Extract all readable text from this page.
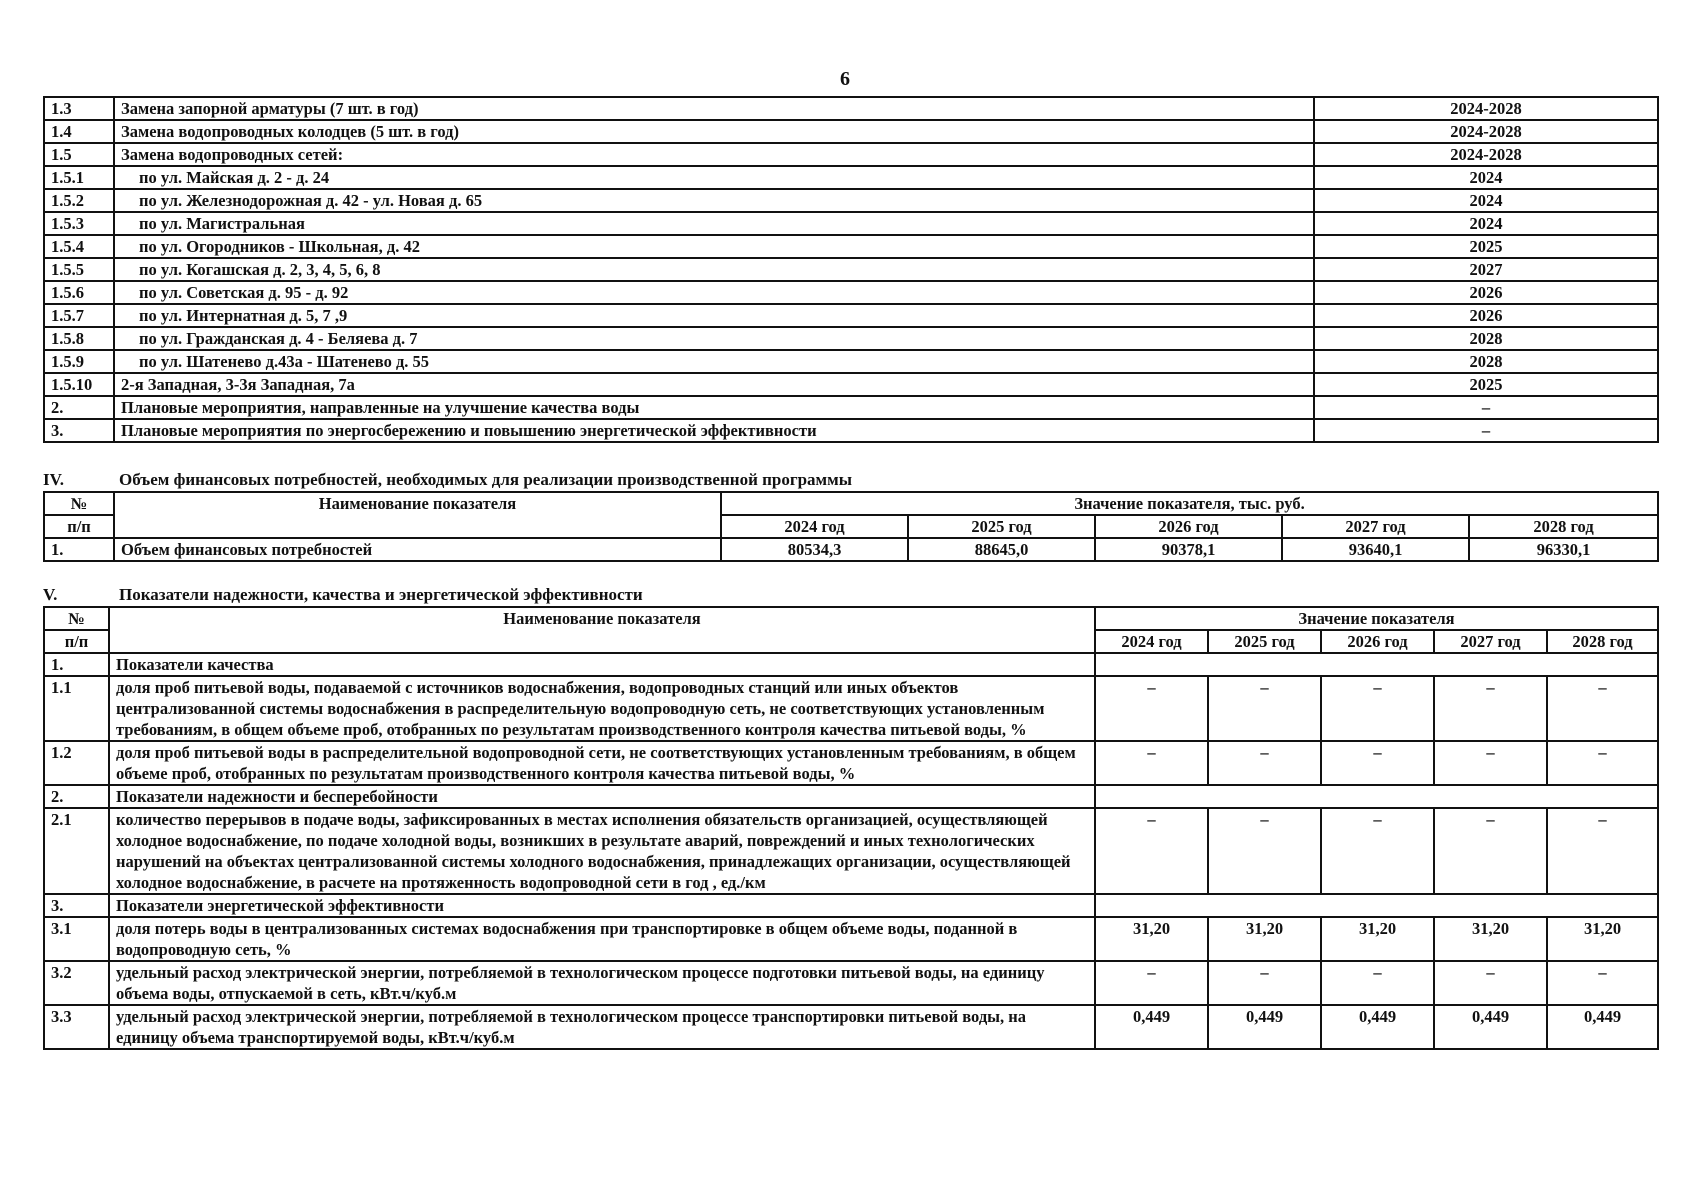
6
1.3	Замена запорной арматуры (7 шт. в год)	2024-2028
1.4	Замена водопроводных колодцев (5 шт. в год)	2024-2028
1.5	Замена водопроводных сетей:	2024-2028
1.5.1	по ул. Майская д. 2 - д. 24	2024
1.5.2	по ул. Железнодорожная д. 42 - ул. Новая д. 65	2024
1.5.3	по ул. Магистральная	2024
1.5.4	по ул. Огородников - Школьная, д. 42	2025
1.5.5	по ул. Когашская д. 2, 3, 4, 5, 6, 8	2027
1.5.6	по ул. Советская д. 95 - д. 92	2026
1.5.7	по ул. Интернатная д. 5, 7 ,9	2026
1.5.8	по ул. Гражданская д. 4 - Беляева д. 7	2028
1.5.9	по ул. Шатенево д.43а - Шатенево д. 55	2028
1.5.10	2-я Западная, 3-3я Западная, 7а	2025
2.	Плановые мероприятия, направленные на улучшение качества воды	–
3.	Плановые мероприятия по энергосбережению и повышению энергетической эффективности	–
IV.	Объем финансовых потребностей, необходимых для реализации производственной программы
№	Наименование показателя	Значение показателя, тыс. руб.				
п/п		2024 год	2025 год	2026 год	2027 год	2028 год
1.	Объем финансовых потребностей	80534,3	88645,0	90378,1	93640,1	96330,1
V.	Показатели надежности, качества и энергетической эффективности
№	Наименование показателя	Значение показателя				
п/п		2024 год	2025 год	2026 год	2027 год	2028 год
1.	Показатели качества					
1.1	доля проб питьевой воды, подаваемой с источников водоснабжения, водопроводных станций или иных объектов централизованной системы водоснабжения в распределительную водопроводную сеть, не соответствующих установленным требованиям, в общем объеме проб, отобранных по результатам производственного контроля качества питьевой воды, %	–	–	–	–	–
1.2	доля проб питьевой воды в распределительной водопроводной сети, не соответствующих установленным требованиям, в общем объеме проб, отобранных по результатам производственного контроля качества питьевой воды, %	–	–	–	–	–
2.	Показатели надежности и бесперебойности					
2.1	количество перерывов в подаче воды, зафиксированных в местах исполнения обязательств организацией, осуществляющей холодное водоснабжение, по подаче холодной воды, возникших в результате аварий, повреждений и иных технологических нарушений на объектах централизованной системы холодного водоснабжения, принадлежащих организации, осуществляющей холодное водоснабжение, в расчете на протяженность водопроводной сети в год , ед./км	–	–	–	–	–
3.	Показатели энергетической эффективности					
3.1	доля потерь воды в централизованных системах водоснабжения при транспортировке в общем объеме воды, поданной в водопроводную сеть, %	31,20	31,20	31,20	31,20	31,20
3.2	удельный расход электрической энергии, потребляемой в технологическом процессе подготовки питьевой воды, на единицу объема воды, отпускаемой в сеть, кВт.ч/куб.м	–	–	–	–	–
3.3	удельный расход электрической энергии, потребляемой в технологическом процессе транспортировки питьевой воды, на единицу объема транспортируемой воды, кВт.ч/куб.м	0,449	0,449	0,449	0,449	0,449
